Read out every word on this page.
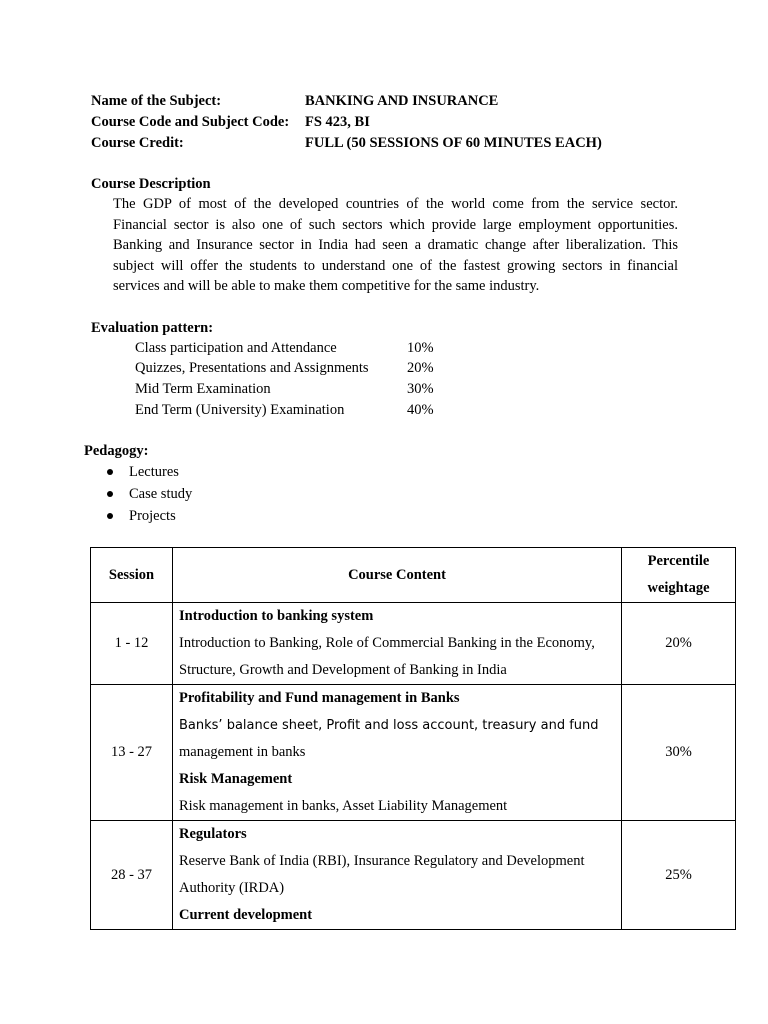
Name of the Subject:	BANKING AND INSURANCE
Course Code and Subject Code: FS 423, BI
Course Credit:	FULL (50 SESSIONS OF 60 MINUTES EACH)
Course Description
The GDP of most of the developed countries of the world come from the service sector. Financial sector is also one of such sectors which provide large employment opportunities. Banking and Insurance sector in India had seen a dramatic change after liberalization. This subject will offer the students to understand one of the fastest growing sectors in financial services and will be able to make them competitive for the same industry.
Evaluation pattern:
Class participation and Attendance	10%
Quizzes, Presentations and Assignments	20%
Mid Term Examination	30%
End Term (University) Examination	40%
Pedagogy:
Lectures
Case study
Projects
Session	Course Content	Percentile
weightage

1 - 12	Introduction to banking system
Introduction to Banking, Role of Commercial Banking in the Economy,
Structure, Growth and Development of Banking in India	20%
13 - 27	Profitability and Fund management in Banks
Banks’ balance sheet, Profit and loss account, treasury and fund
management in banks
Risk Management
Risk management in banks, Asset Liability Management	30%
28 - 37	Regulators
Reserve Bank of India (RBI), Insurance Regulatory and Development
Authority (IRDA)
Current development	25%
